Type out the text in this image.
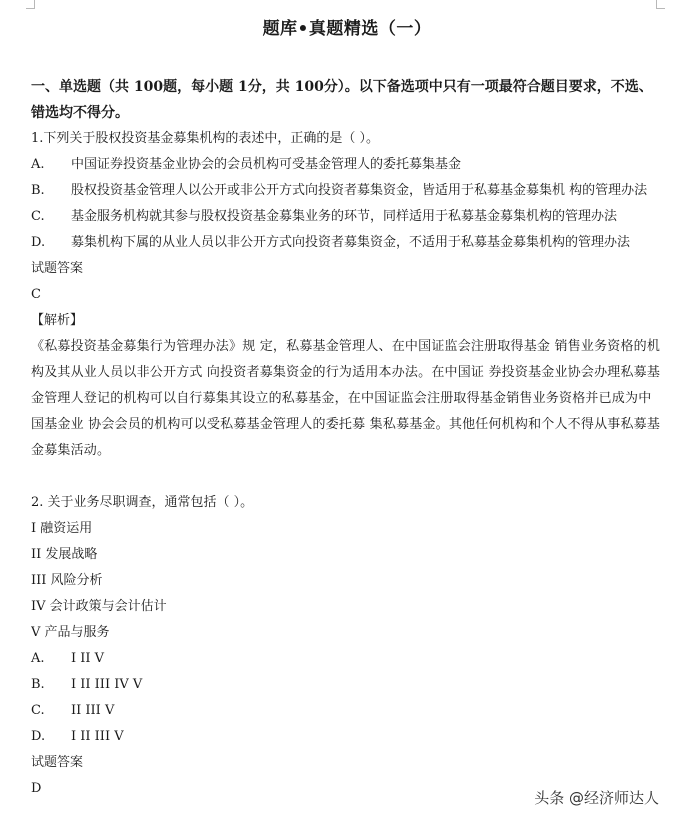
题库•真题精选（一）
一、单选题（共 100题，每小题 1分，共 100分）。以下备选项中只有一项最符合题目要求，不选、错选均不得分。
1.下列关于股权投资基金募集机构的表述中，正确的是（ ）。
A.	中国证券投资基金业协会的会员机构可受基金管理人的委托募集基金
B.	股权投资基金管理人以公开或非公开方式向投资者募集资金，皆适用于私募基金募集机 构的管理办法
C.	基金服务机构就其参与股权投资基金募集业务的环节，同样适用于私募基金募集机构的管理办法
D.	募集机构下属的从业人员以非公开方式向投资者募集资金，不适用于私募基金募集机构的管理办法
试题答案
C
【解析】
《私募投资基金募集行为管理办法》规 定，私募基金管理人、在中国证监会注册取得基金 销售业务资格的机构及其从业人员以非公开方式 向投资者募集资金的行为适用本办法。在中国证 券投资基金业协会办理私募基金管理人登记的机构可以自行募集其设立的私募基金，在中国证监会注册取得基金销售业务资格并已成为中国基金业 协会会员的机构可以受私募基金管理人的委托募 集私募基金。其他任何机构和个人不得从事私募基金募集活动。
2. 关于业务尽职调查，通常包括（ ）。
I 融资运用
II 发展战略
III 风险分析
IV 会计政策与会计估计
V 产品与服务
A.	I II V
B.	I II III IV V
C.	II III V
D.	I II III V
试题答案
D
头条 @经济师达人
